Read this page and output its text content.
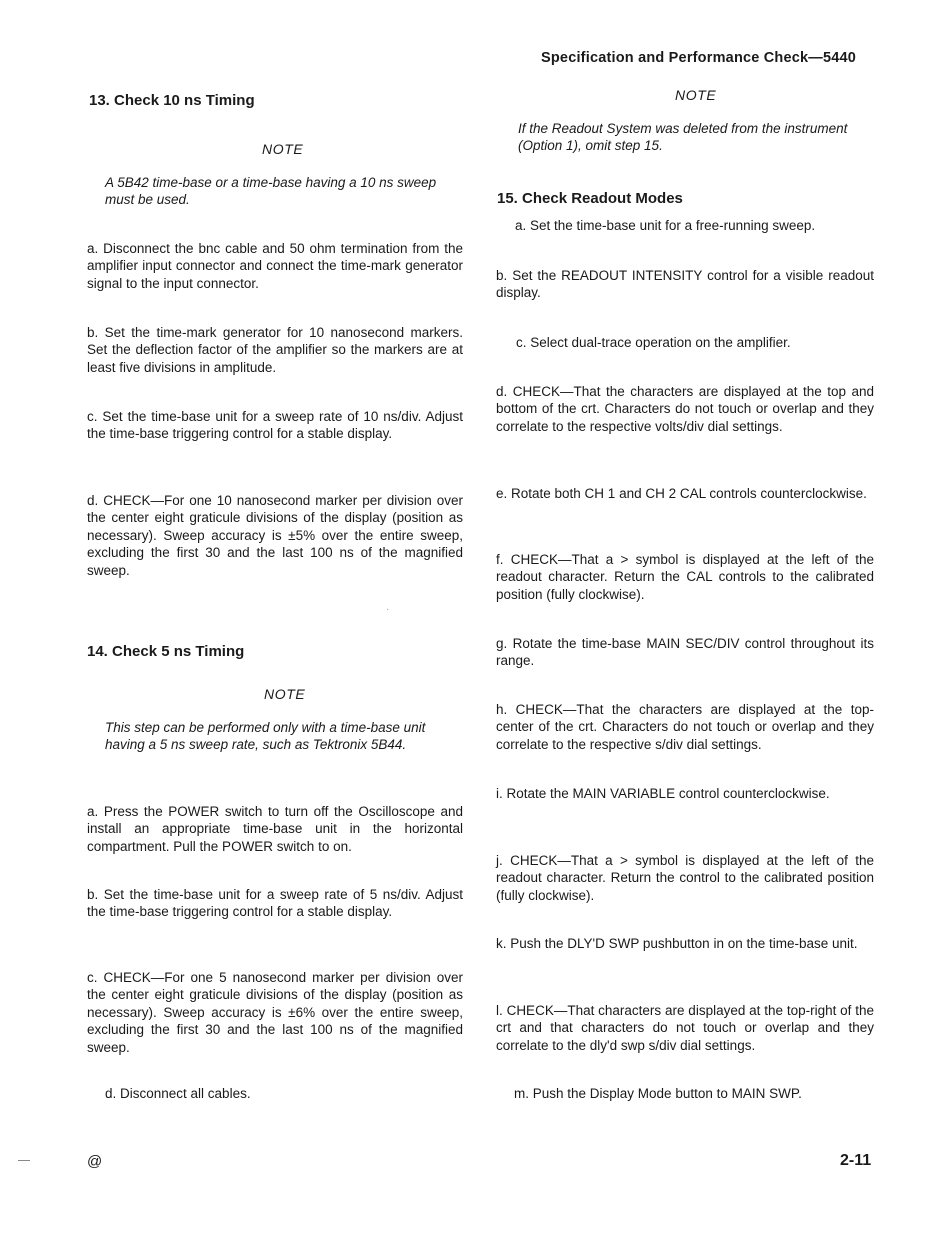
Specification and Performance Check—5440
13. Check 10 ns Timing
NOTE
A 5B42 time-base or a time-base having a 10 ns sweep must be used.
a. Disconnect the bnc cable and 50 ohm termination from the amplifier input connector and connect the time-mark generator signal to the input connector.
b. Set the time-mark generator for 10 nanosecond markers. Set the deflection factor of the amplifier so the markers are at least five divisions in amplitude.
c. Set the time-base unit for a sweep rate of 10 ns/div. Adjust the time-base triggering control for a stable display.
d. CHECK—For one 10 nanosecond marker per division over the center eight graticule divisions of the display (position as necessary). Sweep accuracy is ±5% over the entire sweep, excluding the first 30 and the last 100 ns of the magnified sweep.
14. Check 5 ns Timing
NOTE
This step can be performed only with a time-base unit having a 5 ns sweep rate, such as Tektronix 5B44.
a. Press the POWER switch to turn off the Oscilloscope and install an appropriate time-base unit in the horizontal compartment. Pull the POWER switch to on.
b. Set the time-base unit for a sweep rate of 5 ns/div. Adjust the time-base triggering control for a stable display.
c. CHECK—For one 5 nanosecond marker per division over the center eight graticule divisions of the display (position as necessary). Sweep accuracy is ±6% over the entire sweep, excluding the first 30 and the last 100 ns of the magnified sweep.
d. Disconnect all cables.
NOTE
If the Readout System was deleted from the instrument (Option 1), omit step 15.
15. Check Readout Modes
a. Set the time-base unit for a free-running sweep.
b. Set the READOUT INTENSITY control for a visible readout display.
c. Select dual-trace operation on the amplifier.
d. CHECK—That the characters are displayed at the top and bottom of the crt. Characters do not touch or overlap and they correlate to the respective volts/div dial settings.
e. Rotate both CH 1 and CH 2 CAL controls counterclockwise.
f. CHECK—That a > symbol is displayed at the left of the readout character. Return the CAL controls to the calibrated position (fully clockwise).
g. Rotate the time-base MAIN SEC/DIV control throughout its range.
h. CHECK—That the characters are displayed at the top-center of the crt. Characters do not touch or overlap and they correlate to the respective s/div dial settings.
i. Rotate the MAIN VARIABLE control counterclockwise.
j. CHECK—That a > symbol is displayed at the left of the readout character. Return the control to the calibrated position (fully clockwise).
k. Push the DLY'D SWP pushbutton in on the time-base unit.
l. CHECK—That characters are displayed at the top-right of the crt and that characters do not touch or overlap and they correlate to the dly'd swp s/div dial settings.
m. Push the Display Mode button to MAIN SWP.
·
@	2-11
